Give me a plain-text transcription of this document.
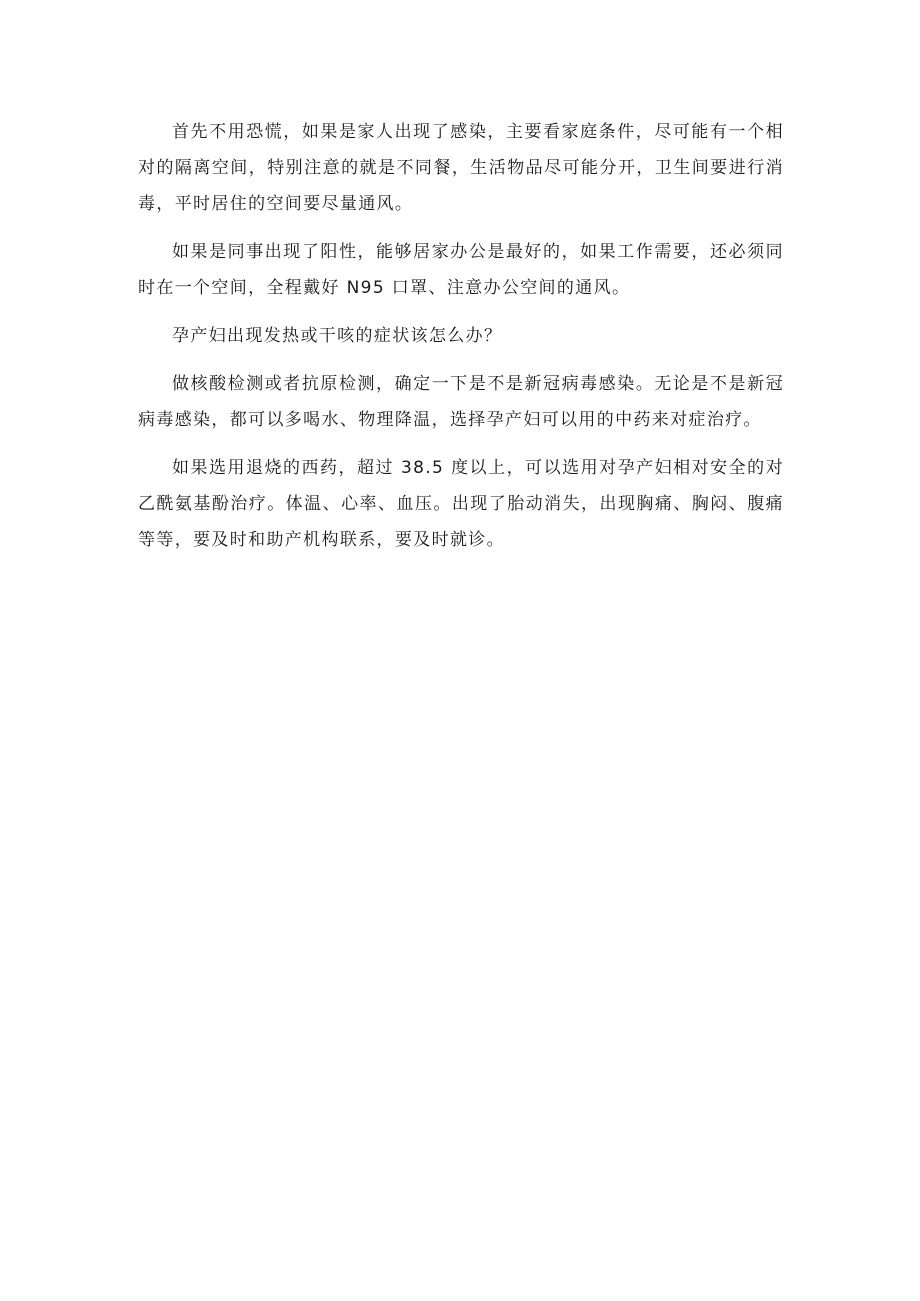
首先不用恐慌，如果是家人出现了感染，主要看家庭条件，尽可能有一个相对的隔离空间，特别注意的就是不同餐，生活物品尽可能分开，卫生间要进行消毒，平时居住的空间要尽量通风。

如果是同事出现了阳性，能够居家办公是最好的，如果工作需要，还必须同时在一个空间，全程戴好 N95 口罩、注意办公空间的通风。

孕产妇出现发热或干咳的症状该怎么办？

做核酸检测或者抗原检测，确定一下是不是新冠病毒感染。无论是不是新冠病毒感染，都可以多喝水、物理降温，选择孕产妇可以用的中药来对症治疗。

如果选用退烧的西药，超过 38.5 度以上，可以选用对孕产妇相对安全的对乙酰氨基酚治疗。体温、心率、血压。出现了胎动消失，出现胸痛、胸闷、腹痛等等，要及时和助产机构联系，要及时就诊。
